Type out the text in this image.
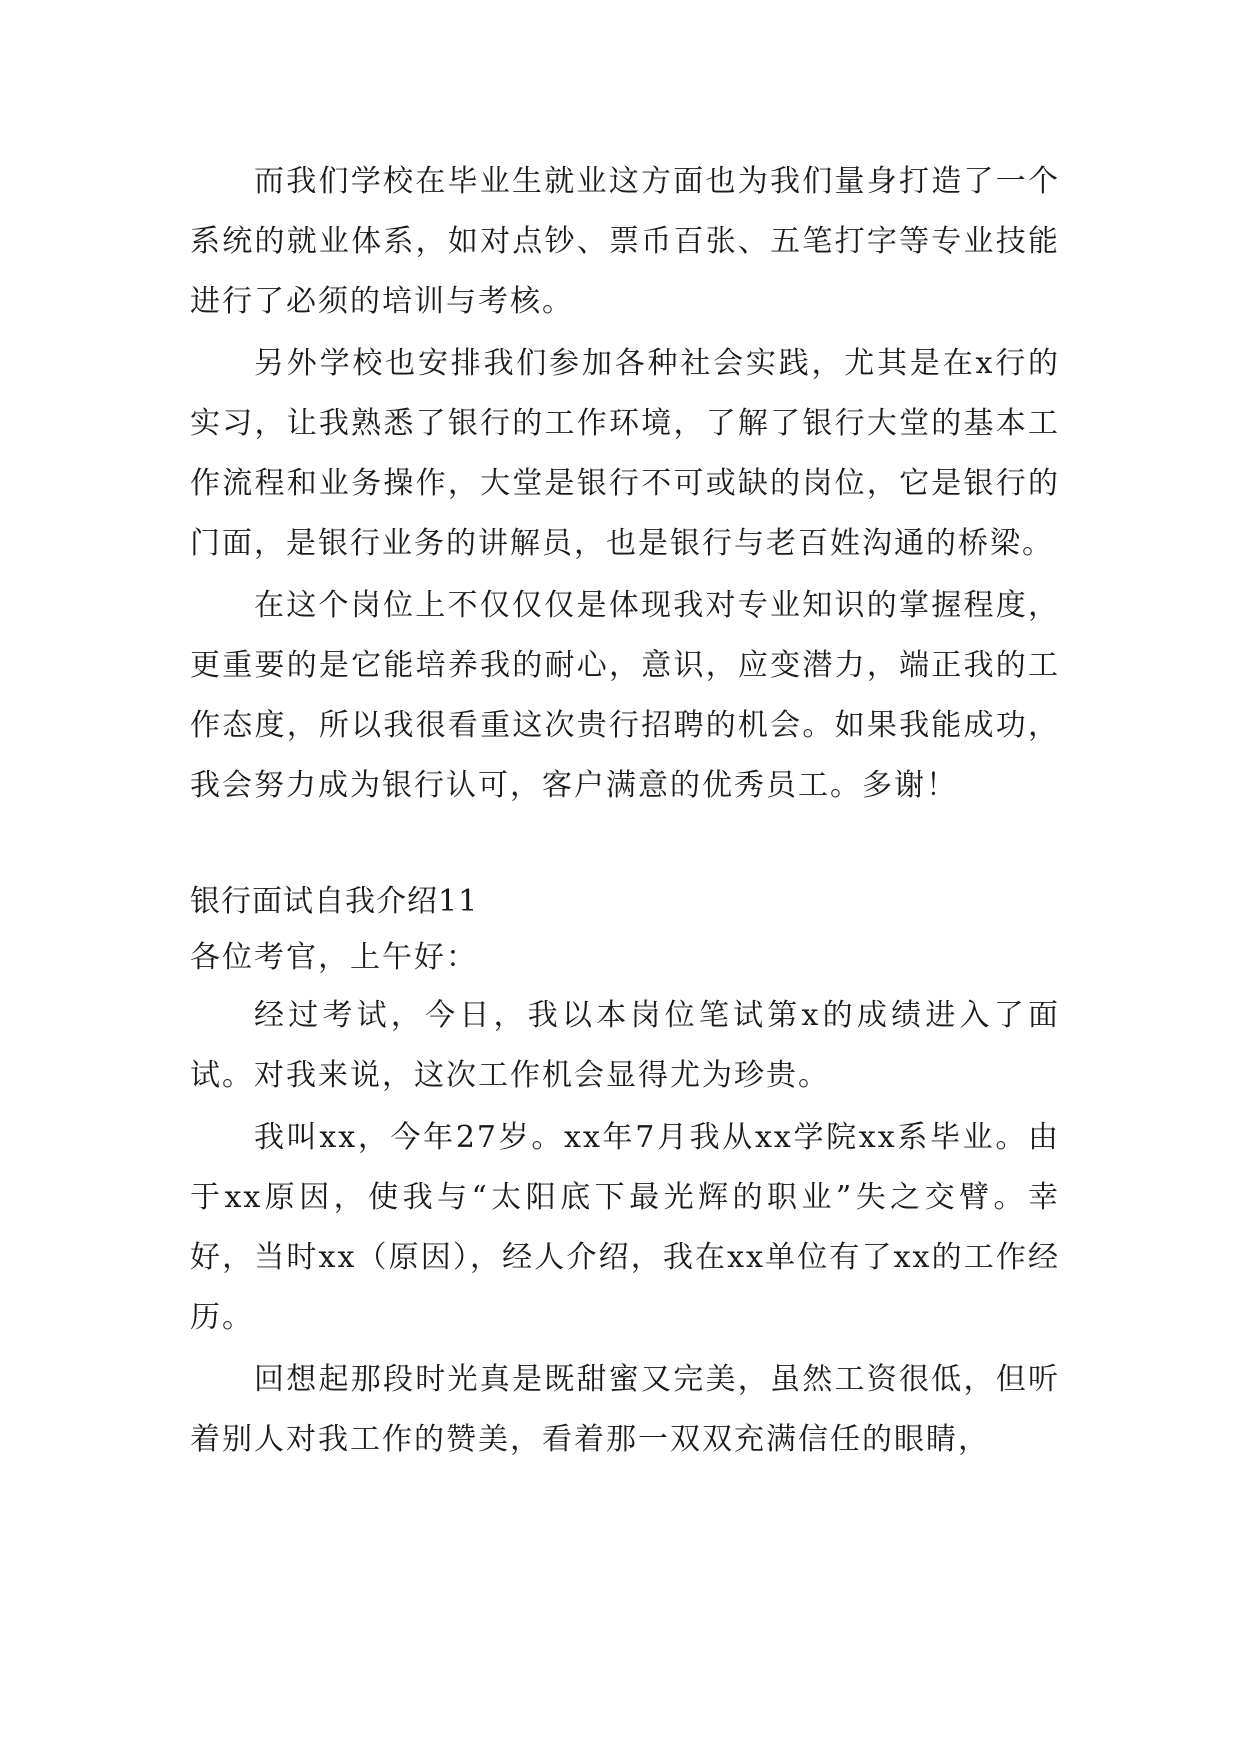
而我们学校在毕业生就业这方面也为我们量身打造了一个系统的就业体系，如对点钞、票币百张、五笔打字等专业技能进行了必须的培训与考核。

另外学校也安排我们参加各种社会实践，尤其是在x行的实习，让我熟悉了银行的工作环境，了解了银行大堂的基本工作流程和业务操作，大堂是银行不可或缺的岗位，它是银行的门面，是银行业务的讲解员，也是银行与老百姓沟通的桥梁。

在这个岗位上不仅仅仅是体现我对专业知识的掌握程度，更重要的是它能培养我的耐心，意识，应变潜力，端正我的工作态度，所以我很看重这次贵行招聘的机会。如果我能成功，我会努力成为银行认可，客户满意的优秀员工。多谢！

银行面试自我介绍11

各位考官，上午好：

经过考试，今日，我以本岗位笔试第x的成绩进入了面试。对我来说，这次工作机会显得尤为珍贵。

我叫xx，今年27岁。xx年7月我从xx学院xx系毕业。由于xx原因，使我与“太阳底下最光辉的职业”失之交臂。幸好，当时xx（原因），经人介绍，我在xx单位有了xx的工作经历。

回想起那段时光真是既甜蜜又完美，虽然工资很低，但听着别人对我工作的赞美，看着那一双双充满信任的眼睛，
